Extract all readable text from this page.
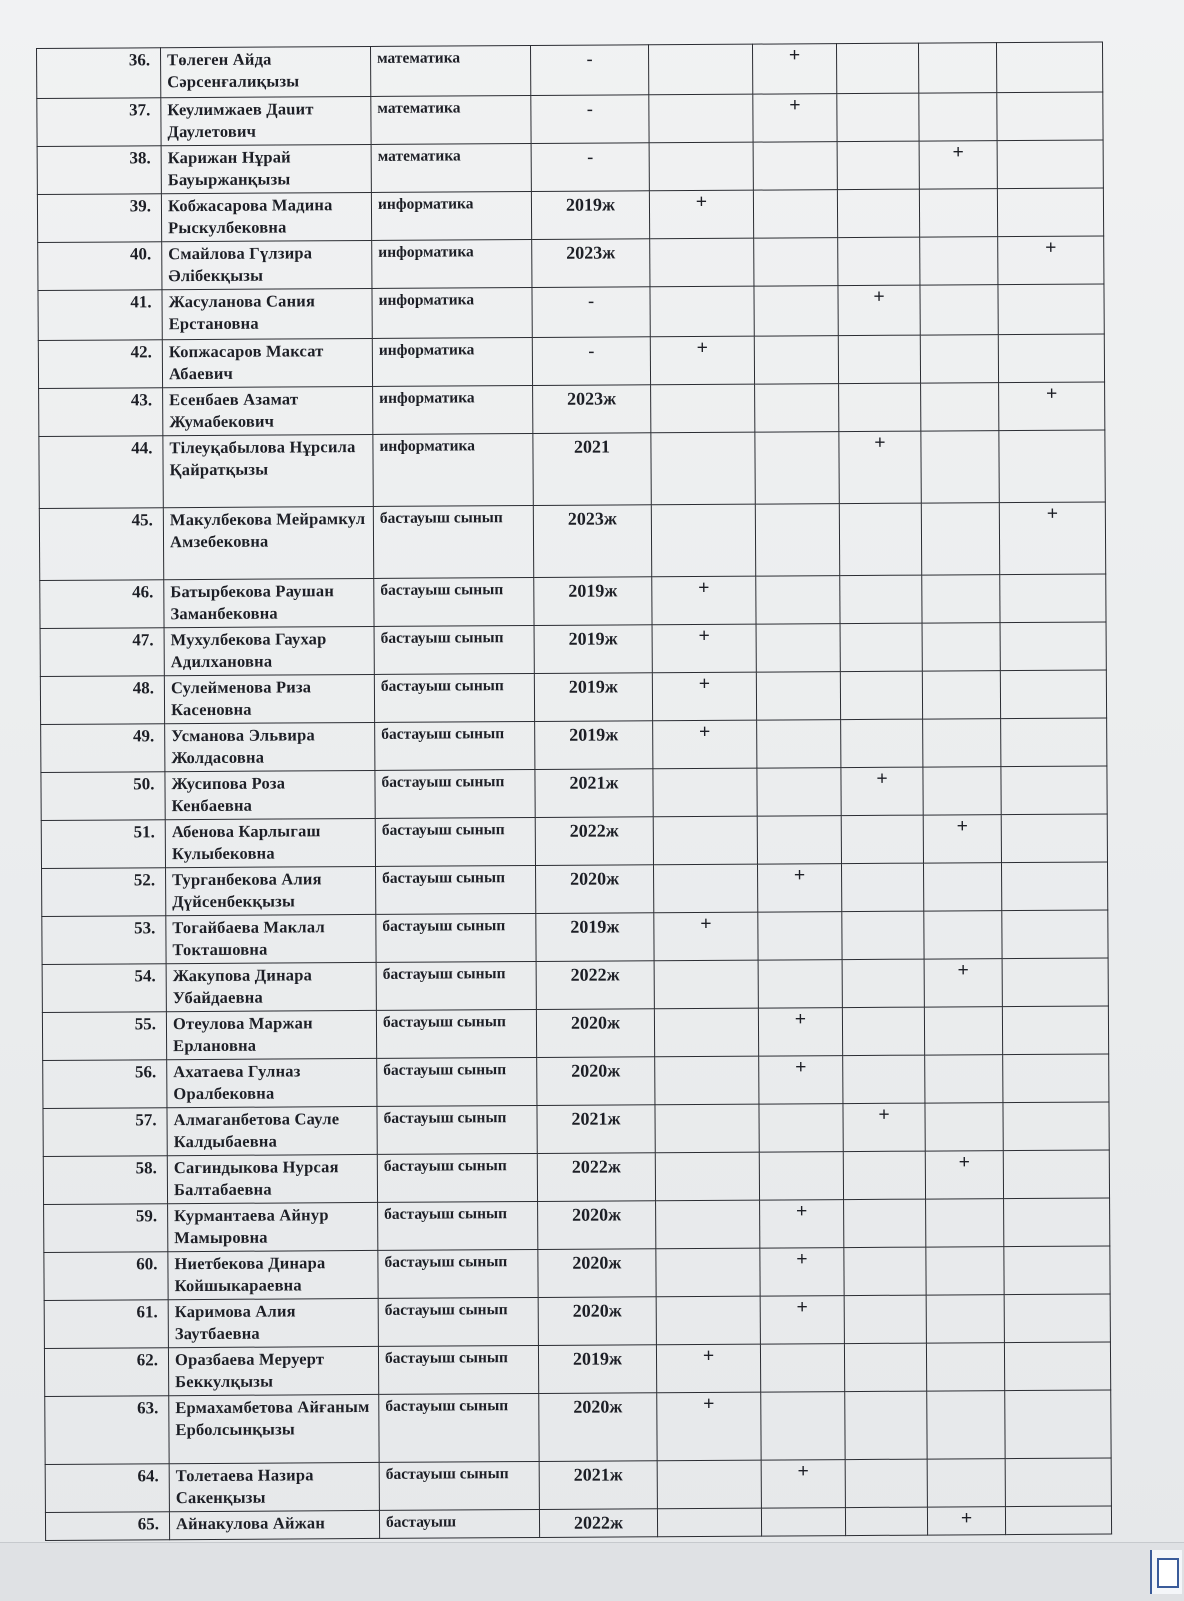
36.	Төлеген Айда Сәрсенғалиқызы	математика	-		+			
37.	Кеулимжаев Даuит Даулетович	математика	-		+			
38.	Карижан Нұрай Бауыржанқызы	математика	-				+	
39.	Кобжасарова Мадина Рыскулбековна	информатика	2019ж	+				
40.	Смайлова Гүлзира Әлібекқызы	информатика	2023ж					+
41.	Жасуланова Сания Ерстановна	информатика	-			+		
42.	Копжасаров Максат Абаевич	информатика	-	+				
43.	Есенбаев Азамат Жумабекович	информатика	2023ж					+
44.	Тілеуқабылова Нұрсила Қайратқызы	информатика	2021			+		
45.	Макулбекова Мейрамкул Амзебековна	бастауыш сынып	2023ж					+
46.	Батырбекова Раушан Заманбековна	бастауыш сынып	2019ж	+				
47.	Мухулбекова Гаухар Адилхановна	бастауыш сынып	2019ж	+				
48.	Сулейменова Риза Касеновна	бастауыш сынып	2019ж	+				
49.	Усманова Эльвира Жолдасовна	бастауыш сынып	2019ж	+				
50.	Жусипова Роза Кенбаевна	бастауыш сынып	2021ж			+		
51.	Абенова Карлыгаш Кулыбековна	бастауыш сынып	2022ж				+	
52.	Турганбекова Алия Дүйсенбекқызы	бастауыш сынып	2020ж		+			
53.	Тогайбаева Маклал Токташовна	бастауыш сынып	2019ж	+				
54.	Жакупова Динара Убайдаевна	бастауыш сынып	2022ж				+	
55.	Отеулова Маржан Ерлановна	бастауыш сынып	2020ж		+			
56.	Ахатаева Гулназ Оралбековна	бастауыш сынып	2020ж		+			
57.	Алмаганбетова Сауле Калдыбаевна	бастауыш сынып	2021ж			+		
58.	Сагиндыкова Нурсая Балтабаевна	бастауыш сынып	2022ж				+	
59.	Курмантаева Айнур Мамыровна	бастауыш сынып	2020ж		+			
60.	Ниетбекова Динара Койшыкараевна	бастауыш сынып	2020ж		+			
61.	Каримова Алия Заутбаевна	бастауыш сынып	2020ж		+			
62.	Оразбаева Меруерт Беккулқызы	бастауыш сынып	2019ж	+				
63.	Ермахамбетова Айғаным Ерболсынқызы	бастауыш сынып	2020ж	+				
64.	Толетаева Назира Сакенқызы	бастауыш сынып	2021ж		+			
65.	Айнакулова Айжан	бастауыш	2022ж				+	
